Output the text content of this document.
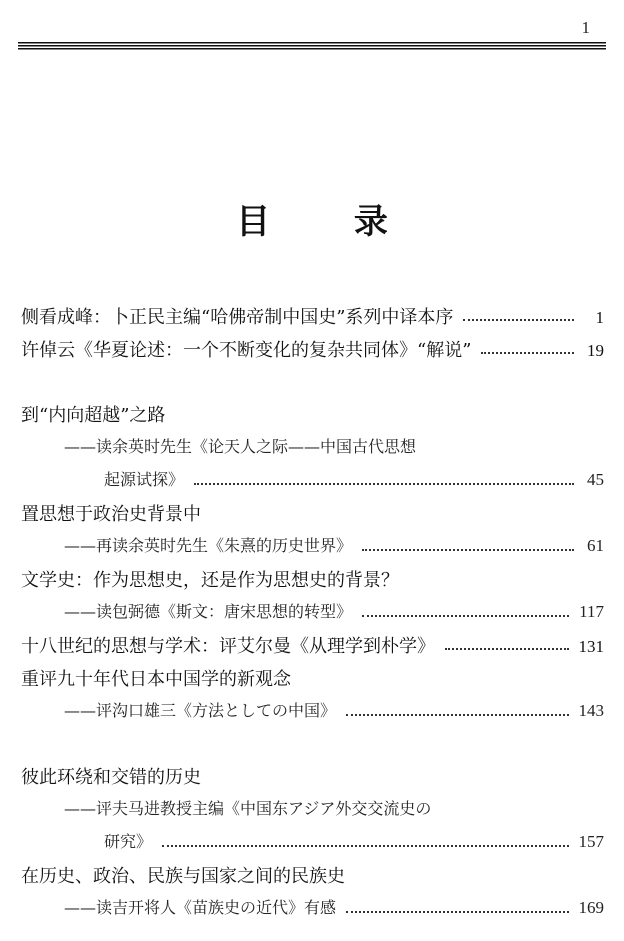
1
目 录
侧看成峰：卜正民主编“哈佛帝制中国史”系列中译本序	1
许倬云《华夏论述：一个不断变化的复杂共同体》“解说”	19
到“内向超越”之路
——读余英时先生《论天人之际——中国古代思想
起源试探》	45
置思想于政治史背景中
——再读余英时先生《朱熹的历史世界》	61
文学史：作为思想史，还是作为思想史的背景？
——读包弼德《斯文：唐宋思想的转型》	117
十八世纪的思想与学术：评艾尔曼《从理学到朴学》	131
重评九十年代日本中国学的新观念
——评沟口雄三《方法としての中国》	143
彼此环绕和交错的历史
——评夫马进教授主编《中国东アジア外交交流史の
研究》	157
在历史、政治、民族与国家之间的民族史
——读吉开将人《苗族史の近代》有感	169
